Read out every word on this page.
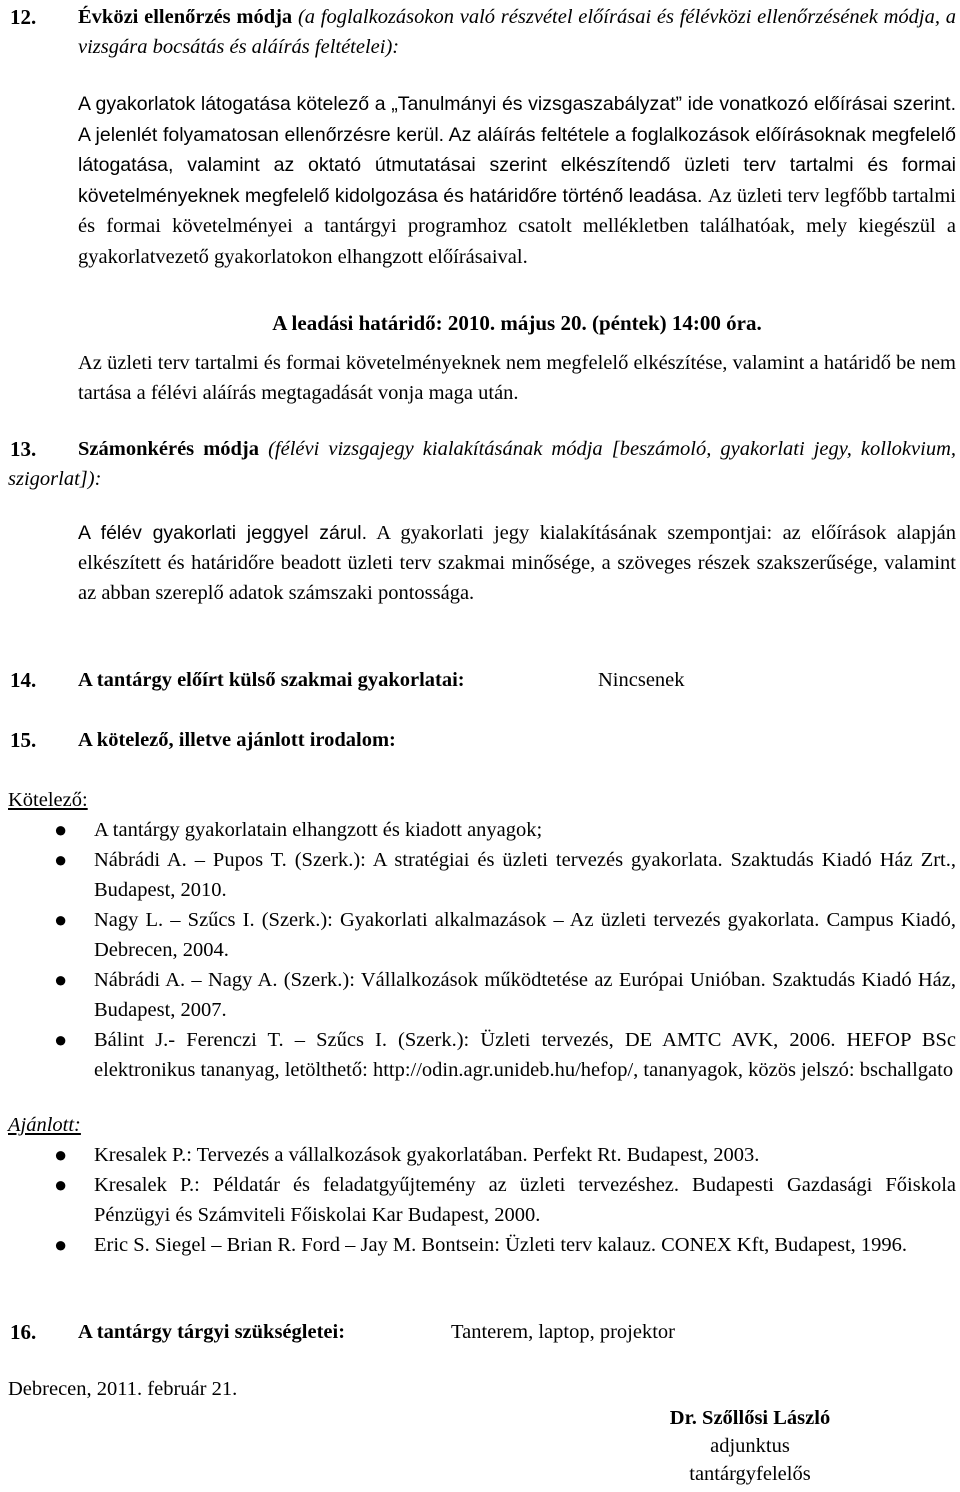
12. Évközi ellenőrzés módja (a foglalkozásokon való részvétel előírásai és félévközi ellenőrzésének módja, a vizsgára bocsátás és aláírás feltételei):
A gyakorlatok látogatása kötelező a „Tanulmányi és vizsgaszabályzat” ide vonatkozó előírásai szerint. A jelenlét folyamatosan ellenőrzésre kerül. Az aláírás feltétele a foglalkozások előírásoknak megfelelő látogatása, valamint az oktató útmutatásai szerint elkészítendő üzleti terv tartalmi és formai követelményeknek megfelelő kidolgozása és határidőre történő leadása. Az üzleti terv legfőbb tartalmi és formai követelményei a tantárgyi programhoz csatolt mellékletben találhatóak, mely kiegészül a gyakorlatvezető gyakorlatokon elhangzott előírásaival.
A leadási határidő: 2010. május 20. (péntek) 14:00 óra.
Az üzleti terv tartalmi és formai követelményeknek nem megfelelő elkészítése, valamint a határidő be nem tartása a félévi aláírás megtagadását vonja maga után.
13.	Számonkérés módja (félévi vizsgajegy kialakításának módja [beszámoló, gyakorlati jegy, kollokvium, szigorlat]):
A félév gyakorlati jeggyel zárul. A gyakorlati jegy kialakításának szempontjai: az előírások alapján elkészített és határidőre beadott üzleti terv szakmai minősége, a szöveges részek szakszerűsége, valamint az abban szereplő adatok számszaki pontossága.
14. A tantárgy előírt külső szakmai gyakorlatai:	Nincsenek
15. A kötelező, illetve ajánlott irodalom:
Kötelező:
● A tantárgy gyakorlatain elhangzott és kiadott anyagok;
● Nábrádi A. – Pupos T. (Szerk.): A stratégiai és üzleti tervezés gyakorlata. Szaktudás Kiadó Ház Zrt., Budapest, 2010.
● Nagy L. – Szűcs I. (Szerk.): Gyakorlati alkalmazások – Az üzleti tervezés gyakorlata. Campus Kiadó, Debrecen, 2004.
● Nábrádi A. – Nagy A. (Szerk.): Vállalkozások működtetése az Európai Unióban. Szaktudás Kiadó Ház, Budapest, 2007.
● Bálint J.- Ferenczi T. – Szűcs I. (Szerk.): Üzleti tervezés, DE AMTC AVK, 2006. HEFOP BSc elektronikus tananyag, letölthető: http://odin.agr.unideb.hu/hefop/, tananyagok, közös jelszó: bschallgato
Ajánlott:
● Kresalek P.: Tervezés a vállalkozások gyakorlatában. Perfekt Rt. Budapest, 2003.
● Kresalek P.: Példatár és feladatgyűjtemény az üzleti tervezéshez. Budapesti Gazdasági Főiskola Pénzügyi és Számviteli Főiskolai Kar Budapest, 2000.
● Eric S. Siegel – Brian R. Ford – Jay M. Bontsein: Üzleti terv kalauz. CONEX Kft, Budapest, 1996.
16. A tantárgy tárgyi szükségletei:	Tanterem, laptop, projektor
Debrecen, 2011. február 21.
Dr. Szőllősi László
adjunktus
tantárgyfelelős
